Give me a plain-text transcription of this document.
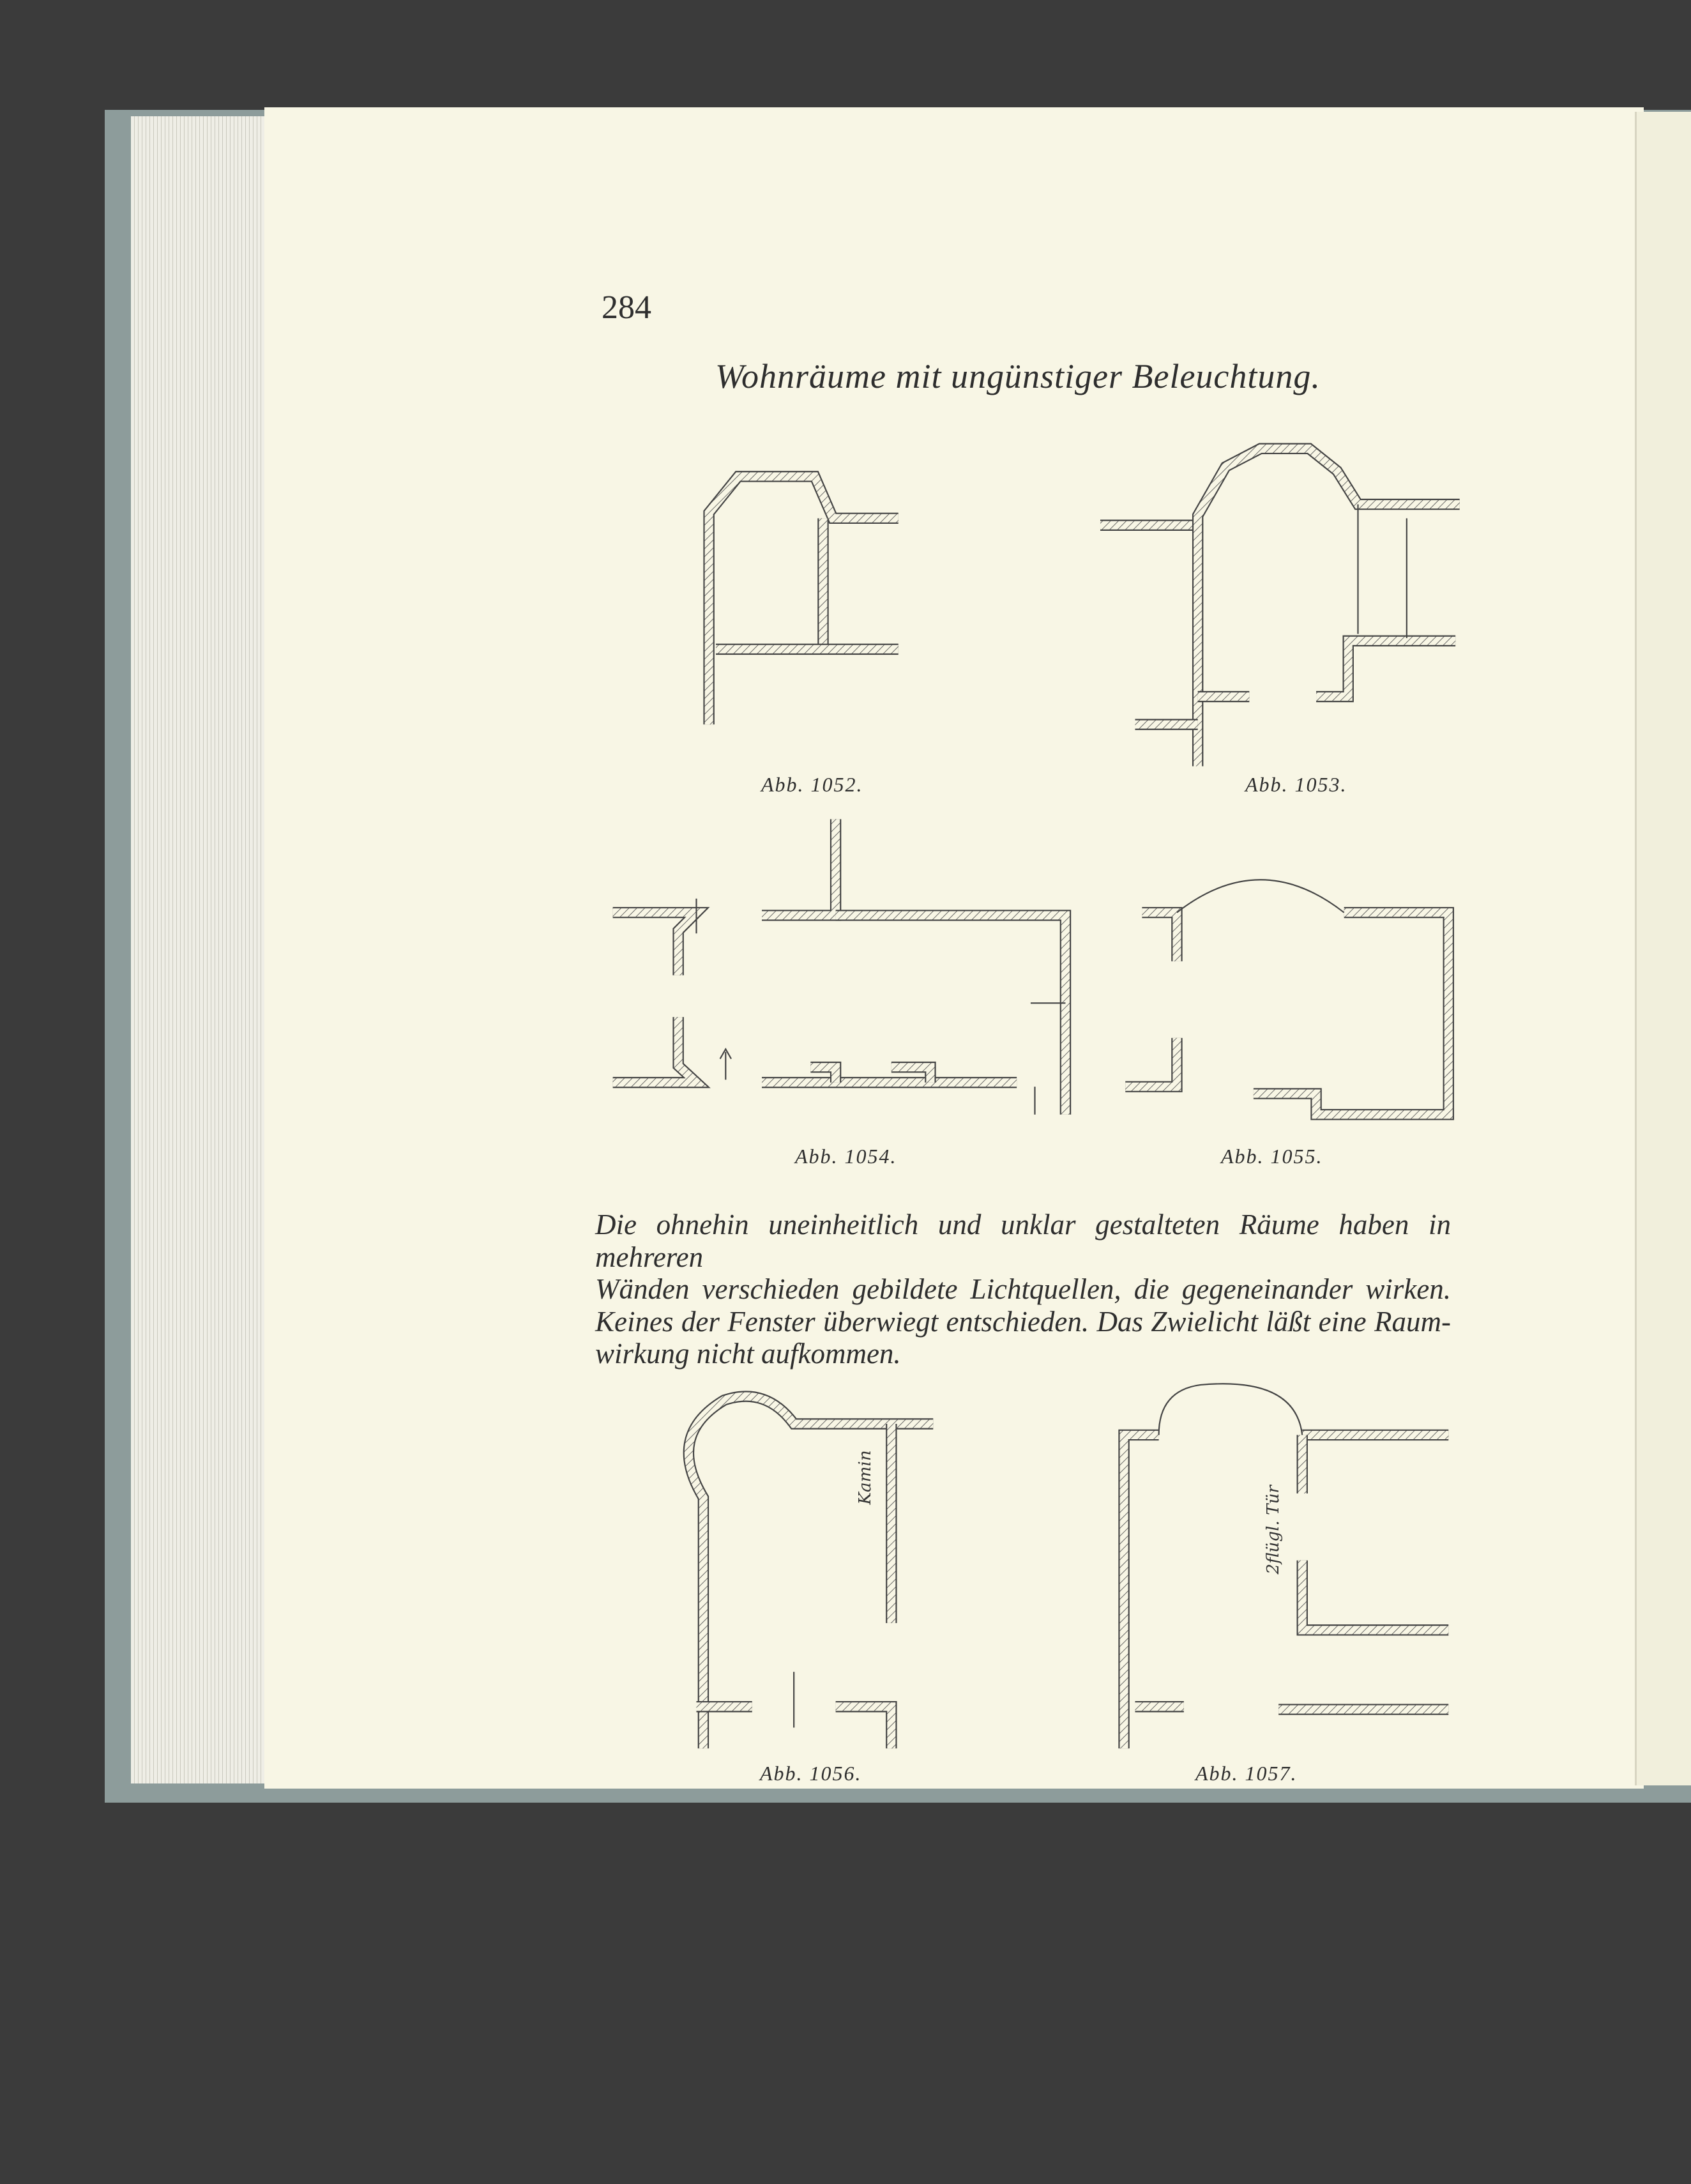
284
Wohnräume mit ungünstiger Beleuchtung.
Kamin
2flügl. Tür
Abb. 1052.	Abb. 1053.
Abb. 1054.	Abb. 1055.
Abb. 1056.	Abb. 1057.
Die ohnehin uneinheitlich und unklar gestalteten Räume haben in mehreren
Wänden verschieden gebildete Lichtquellen, die gegeneinander wirken.
Keines der Fenster überwiegt entschieden. Das Zwielicht läßt eine Raum-
wirkung nicht aufkommen.
